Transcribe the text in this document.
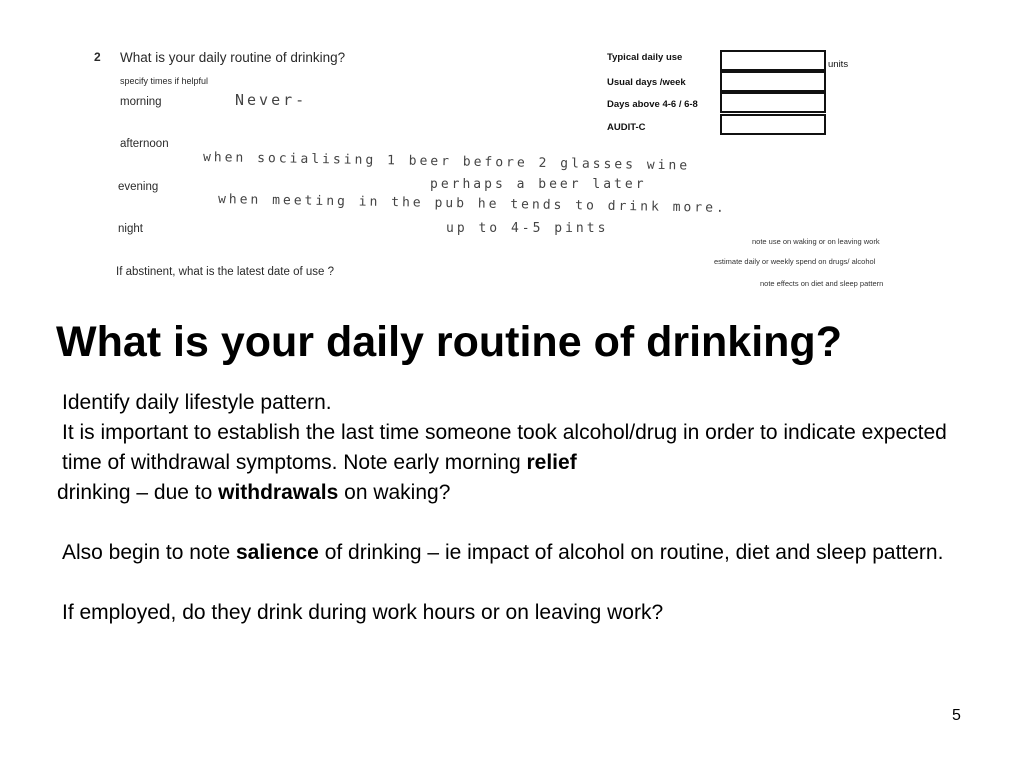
2 What is your daily routine of drinking?
specify times if helpful
morning
afternoon
evening
night
If abstinent, what is the latest date of use ?
Never-
when socialising 1 beer before 2 glasses wine
when meeting in the pub he tends to drink more.
perhaps a beer later
up to 4-5 pints
Typical daily use
Usual days /week
Days above 4-6 / 6-8
AUDIT-C
units
note use on waking or on leaving work
estimate daily or weekly spend on drugs/ alcohol
note effects on diet and sleep pattern
What is your daily routine of drinking?

Identify daily lifestyle pattern.
It is important to establish the last time someone took alcohol/drug in order to indicate expected time of withdrawal symptoms. Note early morning relief
drinking – due to withdrawals on waking?

Also begin to note salience of drinking – ie impact of alcohol on routine, diet and sleep pattern.

If employed, do they drink during work hours or on leaving work?

5
